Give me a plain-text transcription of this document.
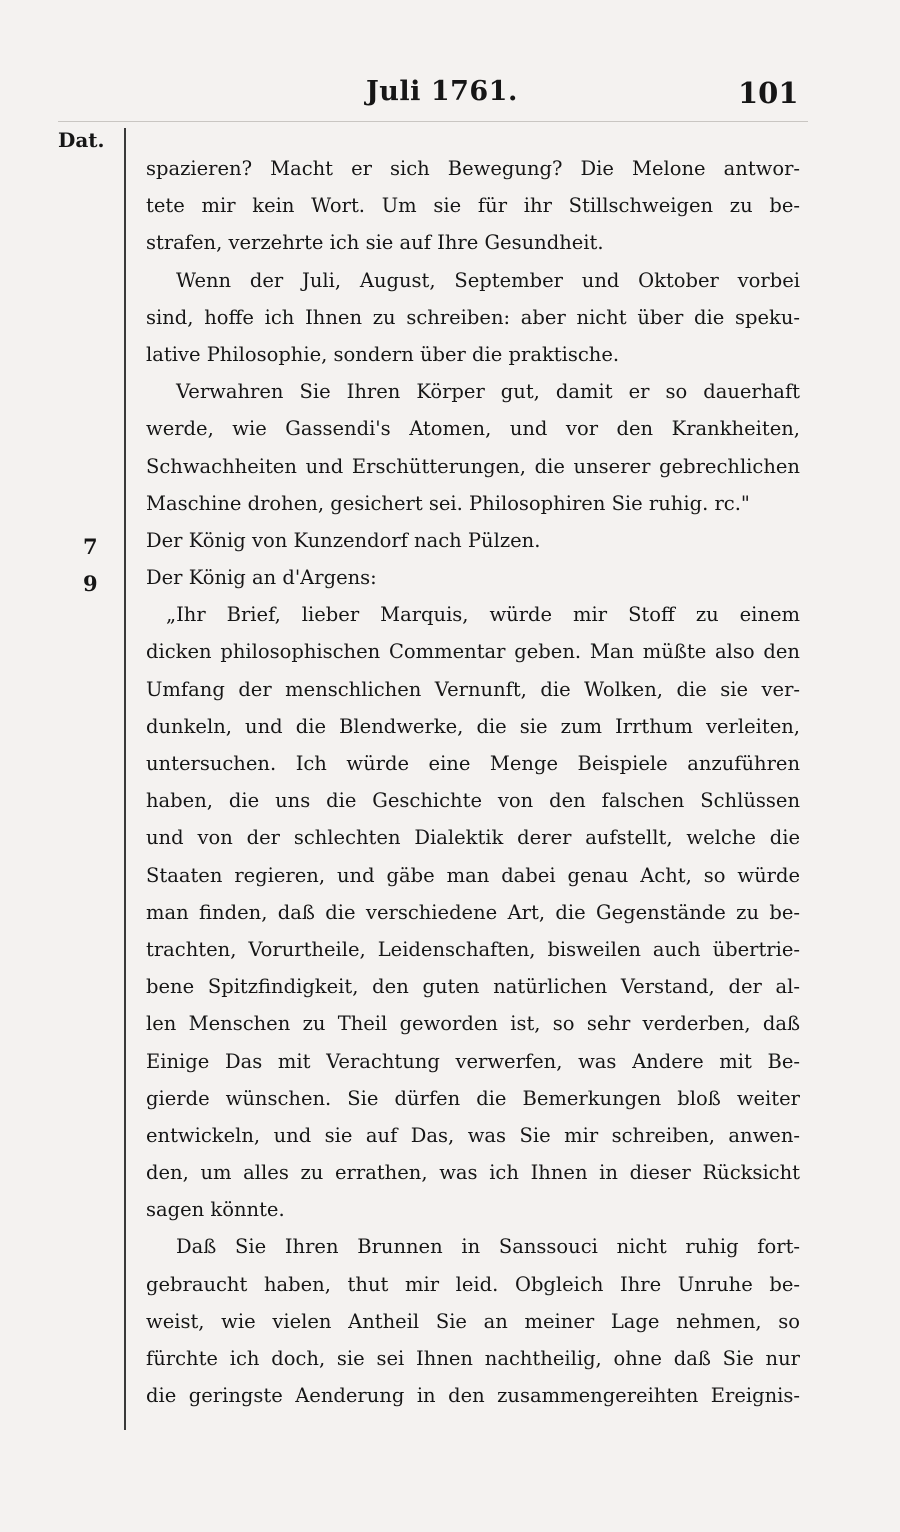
Juli 1761.	101
Dat.
7
9
spazieren? Macht er sich Bewegung? Die Melone antwor-
tete mir kein Wort. Um sie für ihr Stillschweigen zu be-
strafen, verzehrte ich sie auf Ihre Gesundheit.
Wenn der Juli, August, September und Oktober vorbei
sind, hoffe ich Ihnen zu schreiben: aber nicht über die speku-
lative Philosophie, sondern über die praktische.
Verwahren Sie Ihren Körper gut, damit er so dauerhaft
werde, wie Gassendi's Atomen, und vor den Krankheiten,
Schwachheiten und Erschütterungen, die unserer gebrechlichen
Maschine drohen, gesichert sei. Philosophiren Sie ruhig. rc."
Der König von Kunzendorf nach Pülzen.
Der König an d'Argens:
„Ihr Brief, lieber Marquis, würde mir Stoff zu einem
dicken philosophischen Commentar geben. Man müßte also den
Umfang der menschlichen Vernunft, die Wolken, die sie ver-
dunkeln, und die Blendwerke, die sie zum Irrthum verleiten,
untersuchen. Ich würde eine Menge Beispiele anzuführen
haben, die uns die Geschichte von den falschen Schlüssen
und von der schlechten Dialektik derer aufstellt, welche die
Staaten regieren, und gäbe man dabei genau Acht, so würde
man finden, daß die verschiedene Art, die Gegenstände zu be-
trachten, Vorurtheile, Leidenschaften, bisweilen auch übertrie-
bene Spitzfindigkeit, den guten natürlichen Verstand, der al-
len Menschen zu Theil geworden ist, so sehr verderben, daß
Einige Das mit Verachtung verwerfen, was Andere mit Be-
gierde wünschen. Sie dürfen die Bemerkungen bloß weiter
entwickeln, und sie auf Das, was Sie mir schreiben, anwen-
den, um alles zu errathen, was ich Ihnen in dieser Rücksicht
sagen könnte.
Daß Sie Ihren Brunnen in Sanssouci nicht ruhig fort-
gebraucht haben, thut mir leid. Obgleich Ihre Unruhe be-
weist, wie vielen Antheil Sie an meiner Lage nehmen, so
fürchte ich doch, sie sei Ihnen nachtheilig, ohne daß Sie nur
die geringste Aenderung in den zusammengereihten Ereignis-
